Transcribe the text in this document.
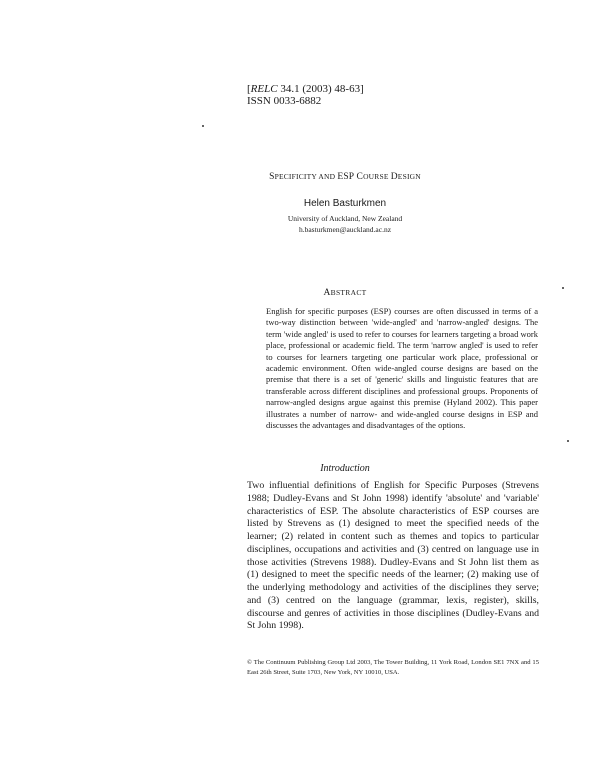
[RELC 34.1 (2003) 48-63]
ISSN 0033-6882
SPECIFICITY AND ESP COURSE DESIGN
Helen Basturkmen
University of Auckland, New Zealand
h.basturkmen@auckland.ac.nz
ABSTRACT

English for specific purposes (ESP) courses are often discussed in terms of a two-way distinction between 'wide-angled' and 'narrow-angled' designs. The term 'wide angled' is used to refer to courses for learners targeting a broad work place, professional or academic field. The term 'narrow angled' is used to refer to courses for learners targeting one particular work place, professional or academic environment. Often wide-angled course designs are based on the premise that there is a set of 'generic' skills and linguistic features that are transferable across different disciplines and professional groups. Proponents of narrow-angled designs argue against this premise (Hyland 2002). This paper illustrates a number of narrow- and wide-angled course designs in ESP and discusses the advantages and disadvantages of the options.

Introduction

Two influential definitions of English for Specific Purposes (Strevens 1988; Dudley-Evans and St John 1998) identify 'absolute' and 'variable' characteristics of ESP. The absolute characteristics of ESP courses are listed by Strevens as (1) designed to meet the specified needs of the learner; (2) related in content such as themes and topics to particular disciplines, occupations and activities and (3) centred on language use in those activities (Strevens 1988). Dudley-Evans and St John list them as (1) designed to meet the specific needs of the learner; (2) making use of the underlying methodology and activities of the disciplines they serve; and (3) centred on the language (grammar, lexis, register), skills, discourse and genres of activities in those disciplines (Dudley-Evans and St John 1998).

© The Continuum Publishing Group Ltd 2003, The Tower Building, 11 York Road, London SE1 7NX and 15 East 26th Street, Suite 1703, New York, NY 10010, USA.
